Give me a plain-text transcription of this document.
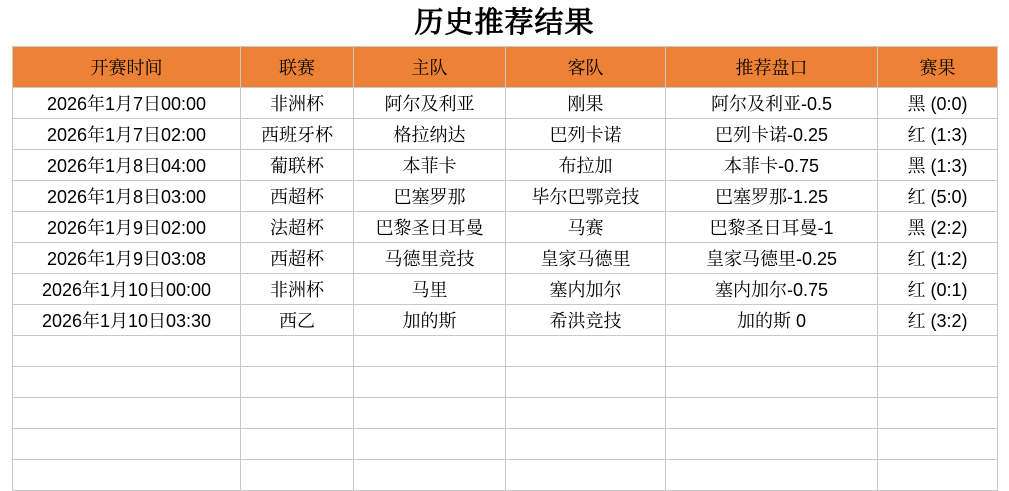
历史推荐结果
开赛时间	联赛	主队	客队	推荐盘口	赛果
2026年1月7日00:00	非洲杯	阿尔及利亚	刚果	阿尔及利亚-0.5	黑 (0:0)
2026年1月7日02:00	西班牙杯	格拉纳达	巴列卡诺	巴列卡诺-0.25	红 (1:3)
2026年1月8日04:00	葡联杯	本菲卡	布拉加	本菲卡-0.75	黑 (1:3)
2026年1月8日03:00	西超杯	巴塞罗那	毕尔巴鄂竞技	巴塞罗那-1.25	红 (5:0)
2026年1月9日02:00	法超杯	巴黎圣日耳曼	马赛	巴黎圣日耳曼-1	黑 (2:2)
2026年1月9日03:08	西超杯	马德里竞技	皇家马德里	皇家马德里-0.25	红 (1:2)
2026年1月10日00:00	非洲杯	马里	塞内加尔	塞内加尔-0.75	红 (0:1)
2026年1月10日03:30	西乙	加的斯	希洪竞技	加的斯 0	红 (3:2)
